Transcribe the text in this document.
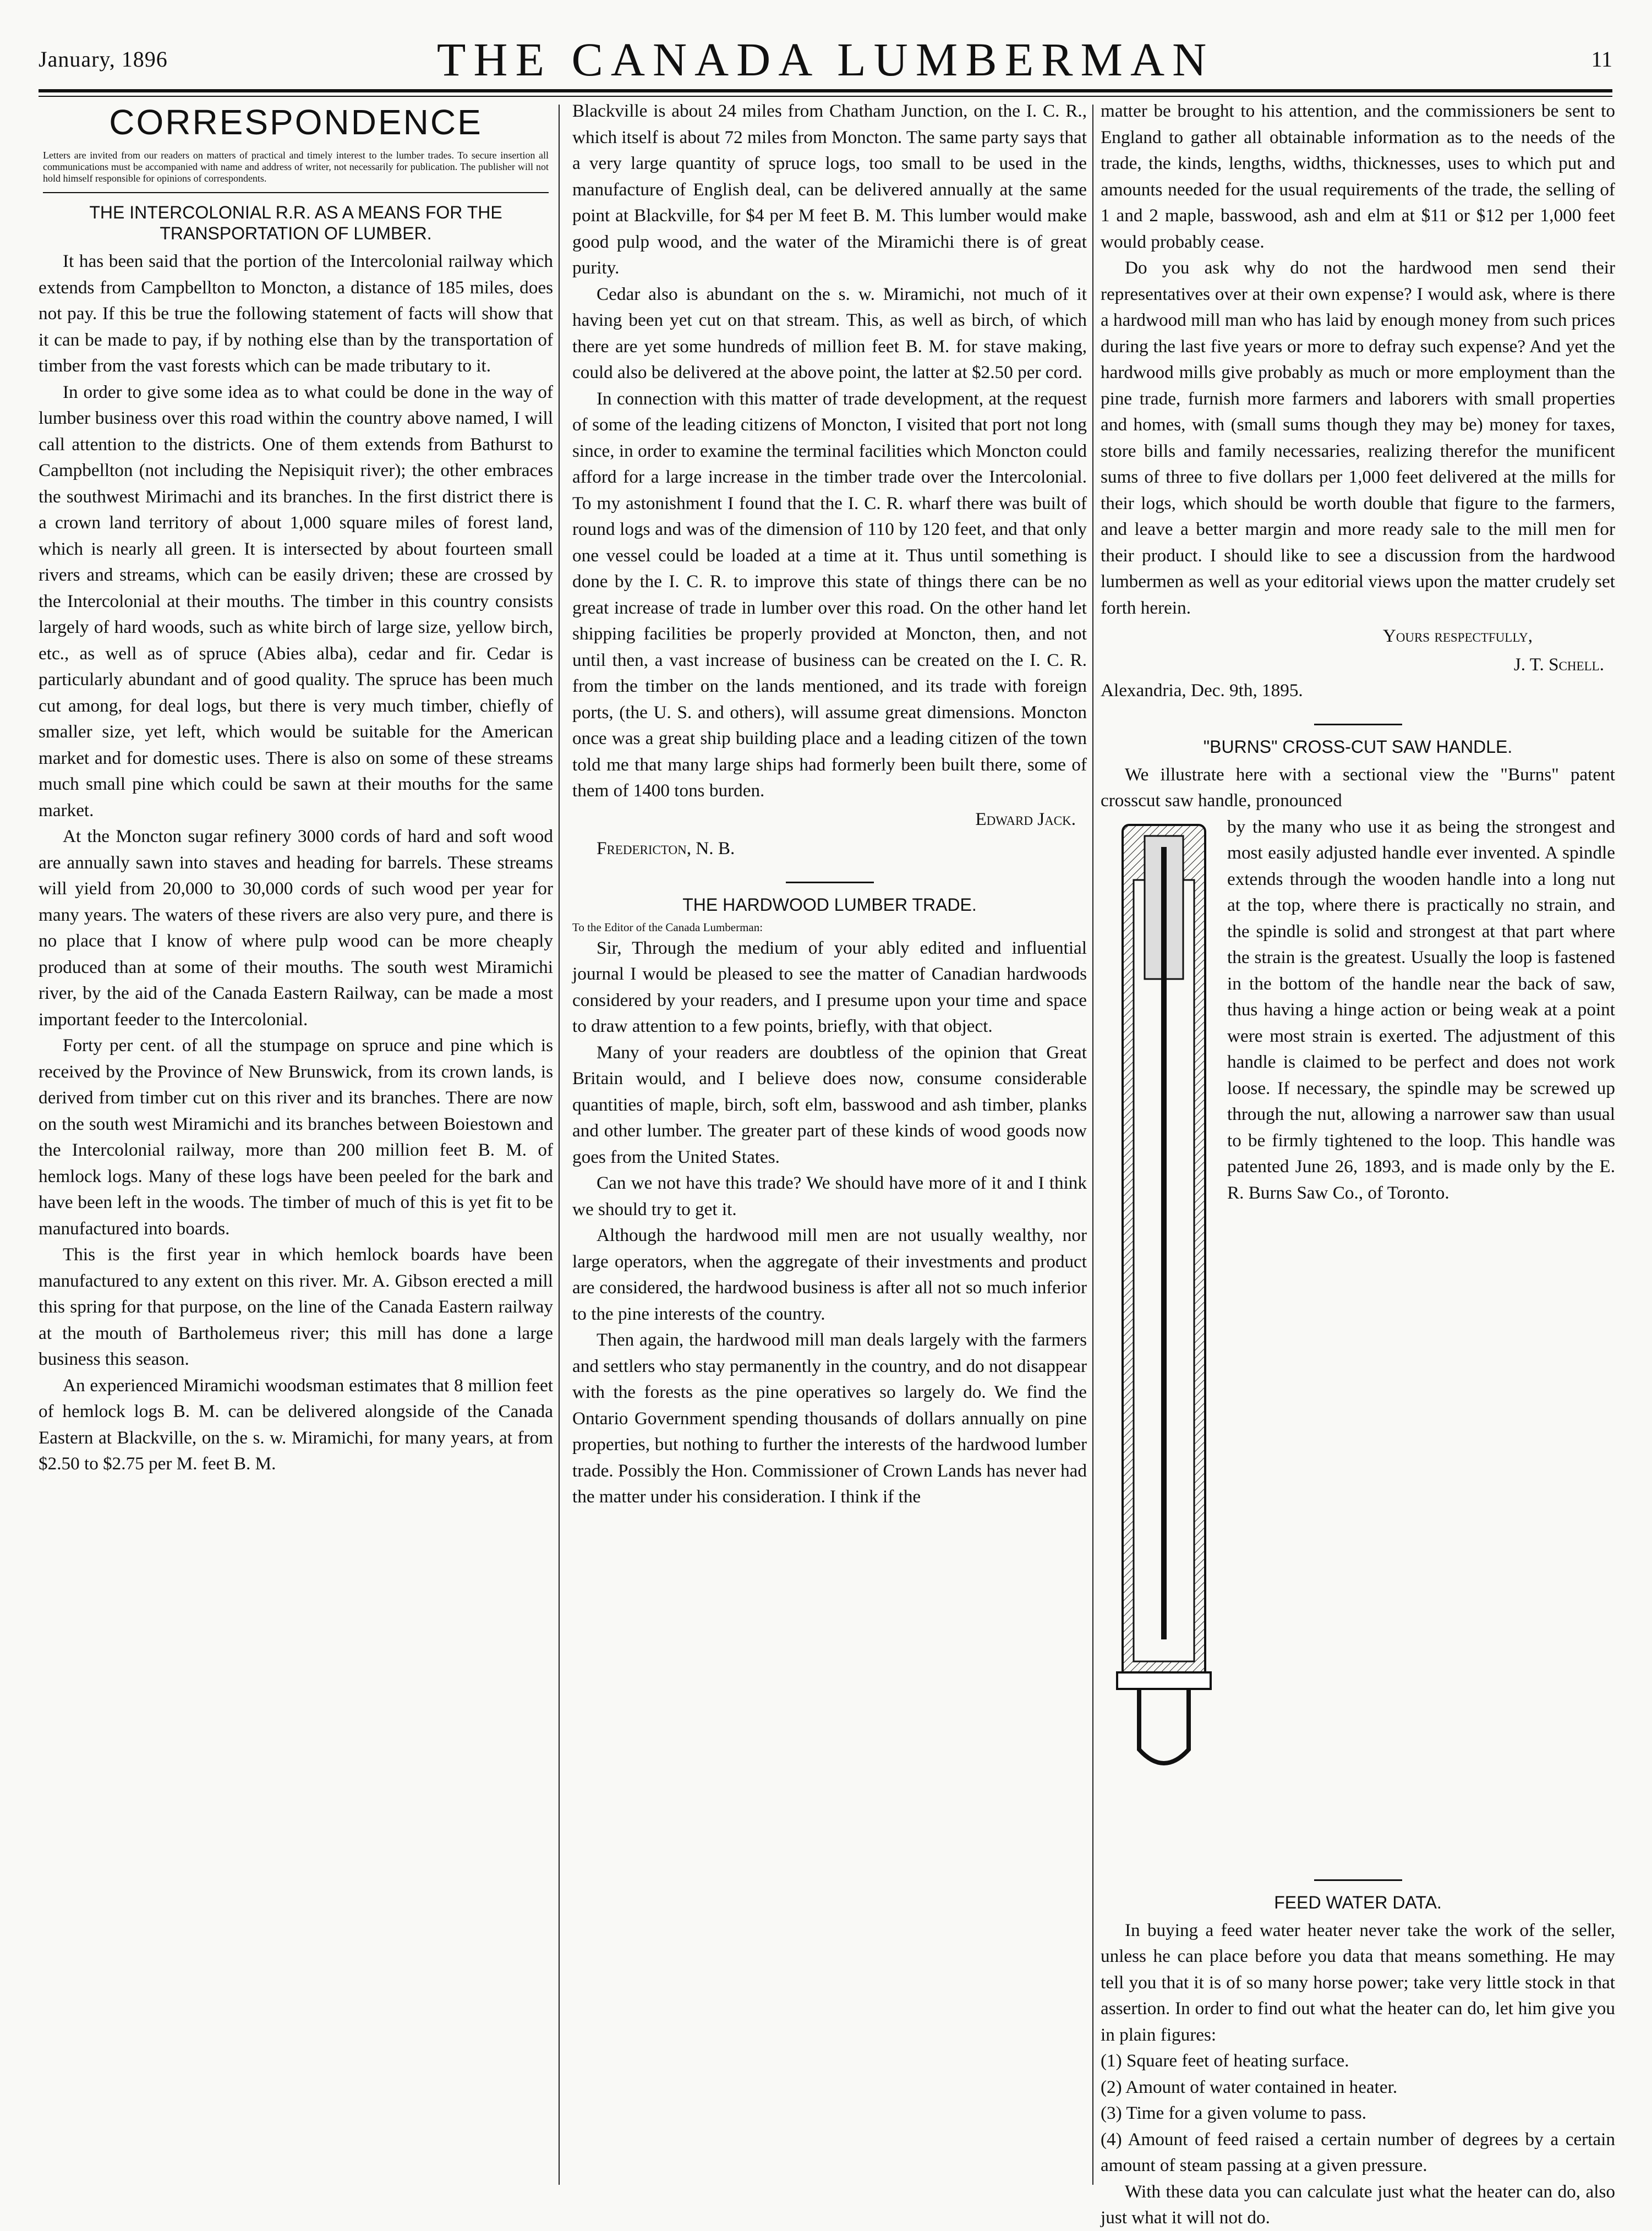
January, 1896	THE CANADA LUMBERMAN	11
CORRESPONDENCE
Letters are invited from our readers on matters of practical and timely interest to the lumber trades. To secure insertion all communications must be accompanied with name and address of writer, not necessarily for publication. The publisher will not hold himself responsible for opinions of correspondents.
THE INTERCOLONIAL R.R. AS A MEANS FOR THE TRANSPORTATION OF LUMBER.

It has been said that the portion of the Intercolonial railway which extends from Campbellton to Moncton, a distance of 185 miles, does not pay. If this be true the following statement of facts will show that it can be made to pay, if by nothing else than by the transportation of timber from the vast forests which can be made tributary to it.

In order to give some idea as to what could be done in the way of lumber business over this road within the country above named, I will call attention to the districts. One of them extends from Bathurst to Campbellton (not including the Nepisiquit river); the other embraces the southwest Mirimachi and its branches. In the first district there is a crown land territory of about 1,000 square miles of forest land, which is nearly all green. It is intersected by about fourteen small rivers and streams, which can be easily driven; these are crossed by the Intercolonial at their mouths. The timber in this country consists largely of hard woods, such as white birch of large size, yellow birch, etc., as well as of spruce (Abies alba), cedar and fir. Cedar is particularly abundant and of good quality. The spruce has been much cut among, for deal logs, but there is very much timber, chiefly of smaller size, yet left, which would be suitable for the American market and for domestic uses. There is also on some of these streams much small pine which could be sawn at their mouths for the same market.

At the Moncton sugar refinery 3000 cords of hard and soft wood are annually sawn into staves and heading for barrels. These streams will yield from 20,000 to 30,000 cords of such wood per year for many years. The waters of these rivers are also very pure, and there is no place that I know of where pulp wood can be more cheaply produced than at some of their mouths. The south west Miramichi river, by the aid of the Canada Eastern Railway, can be made a most important feeder to the Intercolonial.

Forty per cent. of all the stumpage on spruce and pine which is received by the Province of New Brunswick, from its crown lands, is derived from timber cut on this river and its branches. There are now on the south west Miramichi and its branches between Boiestown and the Intercolonial railway, more than 200 million feet B. M. of hemlock logs. Many of these logs have been peeled for the bark and have been left in the woods. The timber of much of this is yet fit to be manufactured into boards.

This is the first year in which hemlock boards have been manufactured to any extent on this river. Mr. A. Gibson erected a mill this spring for that purpose, on the line of the Canada Eastern railway at the mouth of Bartholemeus river; this mill has done a large business this season.

An experienced Miramichi woodsman estimates that 8 million feet of hemlock logs B. M. can be delivered alongside of the Canada Eastern at Blackville, on the s. w. Miramichi, for many years, at from $2.50 to $2.75 per M. feet B. M.

Blackville is about 24 miles from Chatham Junction, on the I. C. R., which itself is about 72 miles from Moncton. The same party says that a very large quantity of spruce logs, too small to be used in the manufacture of English deal, can be delivered annually at the same point at Blackville, for $4 per M feet B. M. This lumber would make good pulp wood, and the water of the Miramichi there is of great purity.

Cedar also is abundant on the s. w. Miramichi, not much of it having been yet cut on that stream. This, as well as birch, of which there are yet some hundreds of million feet B. M. for stave making, could also be delivered at the above point, the latter at $2.50 per cord.

In connection with this matter of trade development, at the request of some of the leading citizens of Moncton, I visited that port not long since, in order to examine the terminal facilities which Moncton could afford for a large increase in the timber trade over the Intercolonial. To my astonishment I found that the I. C. R. wharf there was built of round logs and was of the dimension of 110 by 120 feet, and that only one vessel could be loaded at a time at it. Thus until something is done by the I. C. R. to improve this state of things there can be no great increase of trade in lumber over this road. On the other hand let shipping facilities be properly provided at Moncton, then, and not until then, a vast increase of business can be created on the I. C. R. from the timber on the lands mentioned, and its trade with foreign ports, (the U. S. and others), will assume great dimensions. Moncton once was a great ship building place and a leading citizen of the town told me that many large ships had formerly been built there, some of them of 1400 tons burden.

Edward Jack.

Fredericton, N. B.

THE HARDWOOD LUMBER TRADE.
To the Editor of the Canada Lumberman:

Sir, Through the medium of your ably edited and influential journal I would be pleased to see the matter of Canadian hardwoods considered by your readers, and I presume upon your time and space to draw attention to a few points, briefly, with that object.

Many of your readers are doubtless of the opinion that Great Britain would, and I believe does now, consume considerable quantities of maple, birch, soft elm, basswood and ash timber, planks and other lumber. The greater part of these kinds of wood goods now goes from the United States.

Can we not have this trade? We should have more of it and I think we should try to get it.

Although the hardwood mill men are not usually wealthy, nor large operators, when the aggregate of their investments and product are considered, the hardwood business is after all not so much inferior to the pine interests of the country.

Then again, the hardwood mill man deals largely with the farmers and settlers who stay permanently in the country, and do not disappear with the forests as the pine operatives so largely do. We find the Ontario Government spending thousands of dollars annually on pine properties, but nothing to further the interests of the hardwood lumber trade. Possibly the Hon. Commissioner of Crown Lands has never had the matter under his consideration. I think if the

matter be brought to his attention, and the commissioners be sent to England to gather all obtainable information as to the needs of the trade, the kinds, lengths, widths, thicknesses, uses to which put and amounts needed for the usual requirements of the trade, the selling of 1 and 2 maple, basswood, ash and elm at $11 or $12 per 1,000 feet would probably cease.

Do you ask why do not the hardwood men send their representatives over at their own expense? I would ask, where is there a hardwood mill man who has laid by enough money from such prices during the last five years or more to defray such expense? And yet the hardwood mills give probably as much or more employment than the pine trade, furnish more farmers and laborers with small properties and homes, with (small sums though they may be) money for taxes, store bills and family necessaries, realizing therefor the munificent sums of three to five dollars per 1,000 feet delivered at the mills for their logs, which should be worth double that figure to the farmers, and leave a better margin and more ready sale to the mill men for their product. I should like to see a discussion from the hardwood lumbermen as well as your editorial views upon the matter crudely set forth herein.

Yours respectfully,
J. T. Schell.

Alexandria, Dec. 9th, 1895.

"BURNS" CROSS-CUT SAW HANDLE.

We illustrate here with a sectional view the "Burns" patent crosscut saw handle, pronounced

by the many who use it as being the strongest and most easily adjusted handle ever invented. A spindle extends through the wooden handle into a long nut at the top, where there is practically no strain, and the spindle is solid and strongest at that part where the strain is the greatest. Usually the loop is fastened in the bottom of the handle near the back of saw, thus having a hinge action or being weak at a point were most strain is exerted. The adjustment of this handle is claimed to be perfect and does not work loose. If necessary, the spindle may be screwed up through the nut, allowing a narrower saw than usual to be firmly tightened to the loop. This handle was patented June 26, 1893, and is made only by the E. R. Burns Saw Co., of Toronto.

FEED WATER DATA.

In buying a feed water heater never take the work of the seller, unless he can place before you data that means something. He may tell you that it is of so many horse power; take very little stock in that assertion. In order to find out what the heater can do, let him give you in plain figures:

(1) Square feet of heating surface.
(2) Amount of water contained in heater.
(3) Time for a given volume to pass.
(4) Amount of feed raised a certain number of degrees by a certain amount of steam passing at a given pressure.

With these data you can calculate just what the heater can do, also just what it will not do.
